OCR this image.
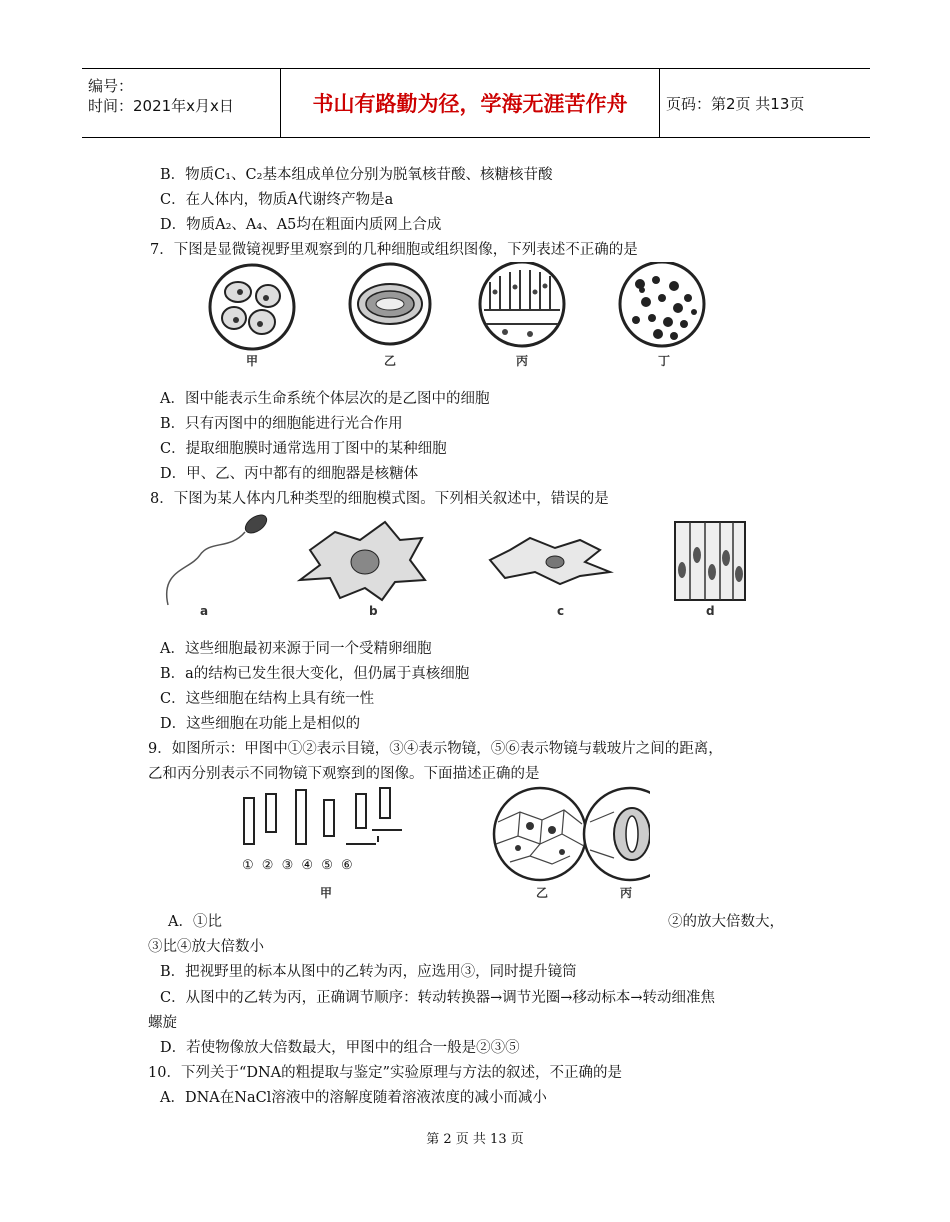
编号：
时间：2021年x月x日	书山有路勤为径，学海无涯苦作舟	页码：第2页 共13页
B．物质C₁、C₂基本组成单位分别为脱氧核苷酸、核糖核苷酸
C．在人体内，物质A代谢终产物是a
D．物质A₂、A₄、A5均在粗面内质网上合成
7．下图是显微镜视野里观察到的几种细胞或组织图像，下列表述不正确的是
甲	乙	丙	丁
A．图中能表示生命系统个体层次的是乙图中的细胞
B．只有丙图中的细胞能进行光合作用
C．提取细胞膜时通常选用丁图中的某种细胞
D．甲、乙、丙中都有的细胞器是核糖体
8．下图为某人体内几种类型的细胞模式图。下列相关叙述中，错误的是
a	b	c	d
A．这些细胞最初来源于同一个受精卵细胞
B．a的结构已发生很大变化，但仍属于真核细胞
C．这些细胞在结构上具有统一性
D．这些细胞在功能上是相似的
9．如图所示：甲图中①②表示目镜，③④表示物镜，⑤⑥表示物镜与载玻片之间的距离，
乙和丙分别表示不同物镜下观察到的图像。下面描述正确的是
① ② ③ ④ ⑤ ⑥
甲	乙	丙
A．①比	②的放大倍数大，
③比④放大倍数小
B．把视野里的标本从图中的乙转为丙，应选用③，同时提升镜筒
C．从图中的乙转为丙，正确调节顺序：转动转换器→调节光圈→移动标本→转动细准焦
螺旋
D．若使物像放大倍数最大，甲图中的组合一般是②③⑤
10．下列关于“DNA的粗提取与鉴定”实验原理与方法的叙述，不正确的是
A．DNA在NaCl溶液中的溶解度随着溶液浓度的减小而减小
第 2 页 共 13 页
